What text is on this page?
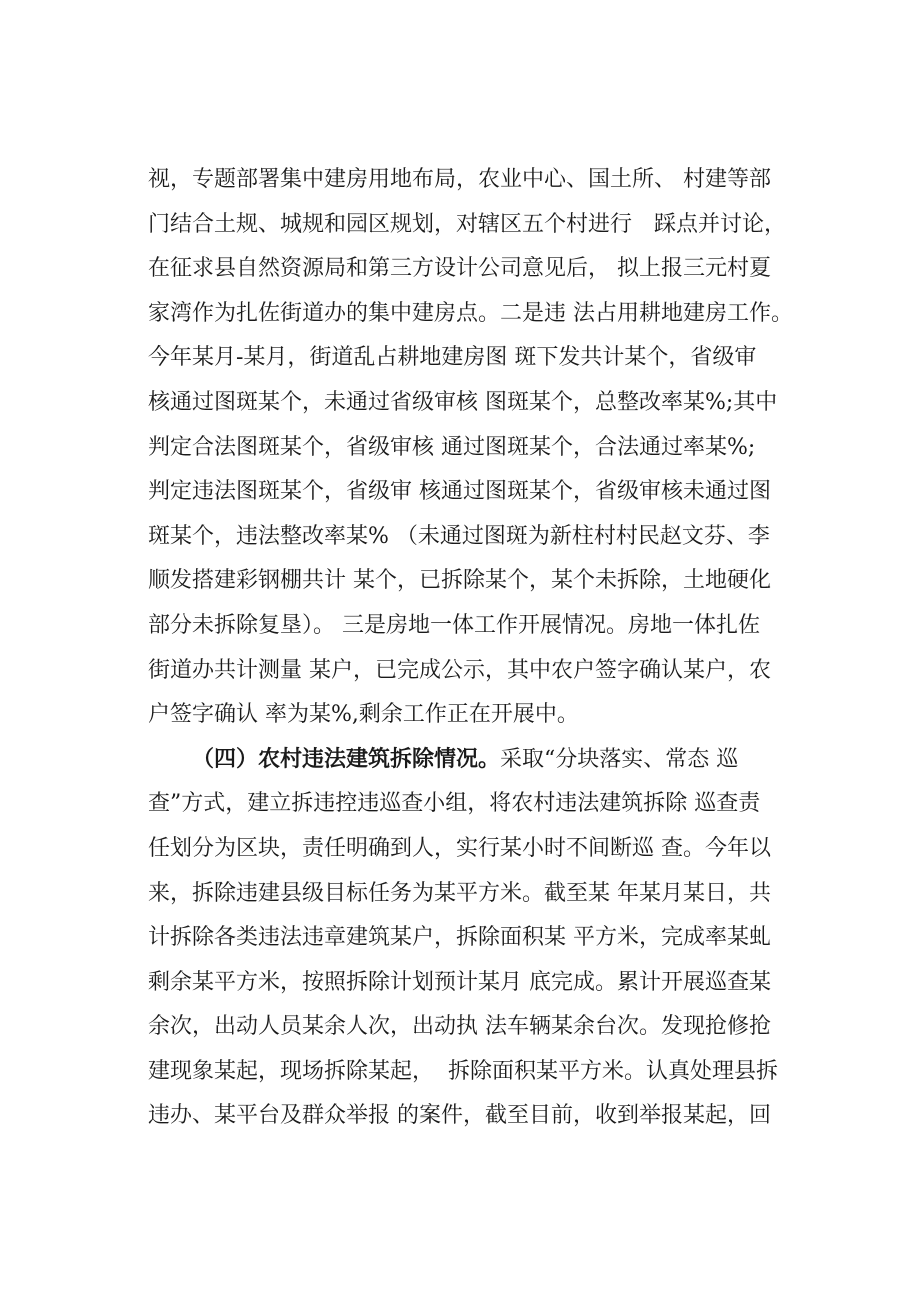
视，专题部署集中建房用地布局，农业中心、国土所、 村建等部
门结合土规、城规和园区规划，对辖区五个村进行　踩点并讨论，
在征求县自然资源局和第三方设计公司意见后， 拟上报三元村夏
家湾作为扎佐街道办的集中建房点。二是违 法占用耕地建房工作。
今年某月-某月，街道乱占耕地建房图 斑下发共计某个，省级审
核通过图斑某个，未通过省级审核 图斑某个，总整改率某%;其中
判定合法图斑某个，省级审核 通过图斑某个，合法通过率某%;
判定违法图斑某个，省级审 核通过图斑某个，省级审核未通过图
斑某个，违法整改率某% （未通过图斑为新柱村村民赵文芬、李
顺发搭建彩钢棚共计 某个，已拆除某个，某个未拆除，土地硬化
部分未拆除复垦）。 三是房地一体工作开展情况。房地一体扎佐
街道办共计测量 某户，已完成公示，其中农户签字确认某户，农
户签字确认 率为某%,剩余工作正在开展中。
（四）农村违法建筑拆除情况。采取“分块落实、常态 巡
查”方式，建立拆违控违巡查小组，将农村违法建筑拆除 巡查责
任划分为区块，责任明确到人，实行某小时不间断巡 查。今年以
来，拆除违建县级目标任务为某平方米。截至某 年某月某日，共
计拆除各类违法违章建筑某户，拆除面积某 平方米，完成率某虬
剩余某平方米，按照拆除计划预计某月 底完成。累计开展巡查某
余次，出动人员某余人次，出动执 法车辆某余台次。发现抢修抢
建现象某起，现场拆除某起，  拆除面积某平方米。认真处理县拆
违办、某平台及群众举报 的案件，截至目前，收到举报某起，回
